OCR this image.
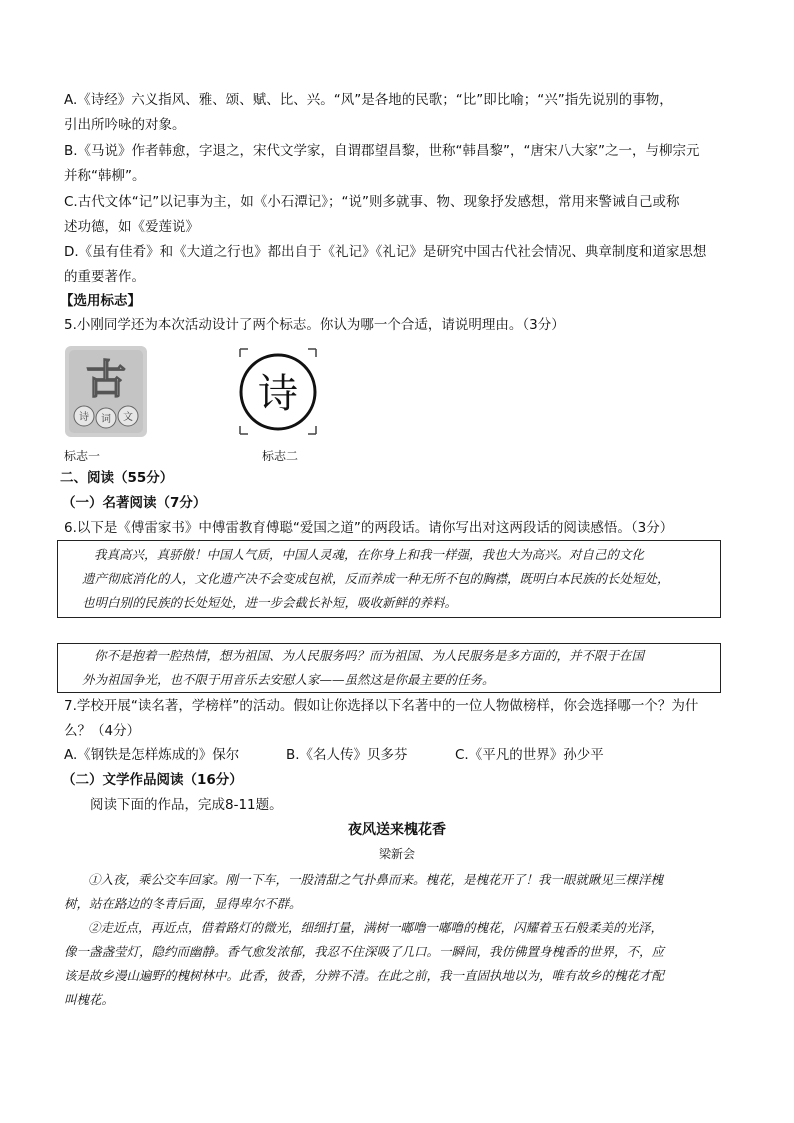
A.《诗经》六义指风、雅、颂、赋、比、兴。“风”是各地的民歌；“比”即比喻；“兴”指先说别的事物，
引出所吟咏的对象。
B.《马说》作者韩愈，字退之，宋代文学家，自谓郡望昌黎，世称“韩昌黎”，“唐宋八大家”之一，与柳宗元
并称“韩柳”。
C.古代文体“记”以记事为主，如《小石潭记》；“说”则多就事、物、现象抒发感想，常用来警诫自己或称
述功德，如《爱莲说》
D.《虽有佳肴》和《大道之行也》都出自于《礼记》《礼记》是研究中国古代社会情况、典章制度和道家思想
的重要著作。
【选用标志】
5.小刚同学还为本次活动设计了两个标志。你认为哪一个合适，请说明理由。（3分）
古
诗 词 文
诗
标志一	标志二
二、阅读（55分）
（一）名著阅读（7分）
6.以下是《傅雷家书》中傅雷教育傅聪“爱国之道”的两段话。请你写出对这两段话的阅读感悟。（3分）
我真高兴，真骄傲！中国人气质，中国人灵魂，在你身上和我一样强，我也大为高兴。对自己的文化
遗产彻底消化的人，文化遗产决不会变成包袱，反而养成一种无所不包的胸襟，既明白本民族的长处短处，
也明白别的民族的长处短处，进一步会截长补短，吸收新鲜的养料。
你不是抱着一腔热情，想为祖国、为人民服务吗？而为祖国、为人民服务是多方面的，并不限于在国
外为祖国争光，也不限于用音乐去安慰人家——虽然这是你最主要的任务。
7.学校开展“读名著，学榜样”的活动。假如让你选择以下名著中的一位人物做榜样，你会选择哪一个？为什
么？（4分）
A.《钢铁是怎样炼成的》保尔	B.《名人传》贝多芬	C.《平凡的世界》孙少平
（二）文学作品阅读（16分）
阅读下面的作品，完成8-11题。
夜风送来槐花香
梁新会
①入夜，乘公交车回家。刚一下车，一股清甜之气扑鼻而来。槐花，是槐花开了！我一眼就瞅见三棵洋槐
树，站在路边的冬青后面，显得卑尔不群。
②走近点，再近点，借着路灯的微光，细细打量，满树一嘟噜一嘟噜的槐花，闪耀着玉石般柔美的光泽，
像一盏盏莹灯，隐约而幽静。香气愈发浓郁，我忍不住深吸了几口。一瞬间，我仿佛置身槐香的世界，不，应
该是故乡漫山遍野的槐树林中。此香，彼香，分辨不清。在此之前，我一直固执地以为，唯有故乡的槐花才配
叫槐花。
